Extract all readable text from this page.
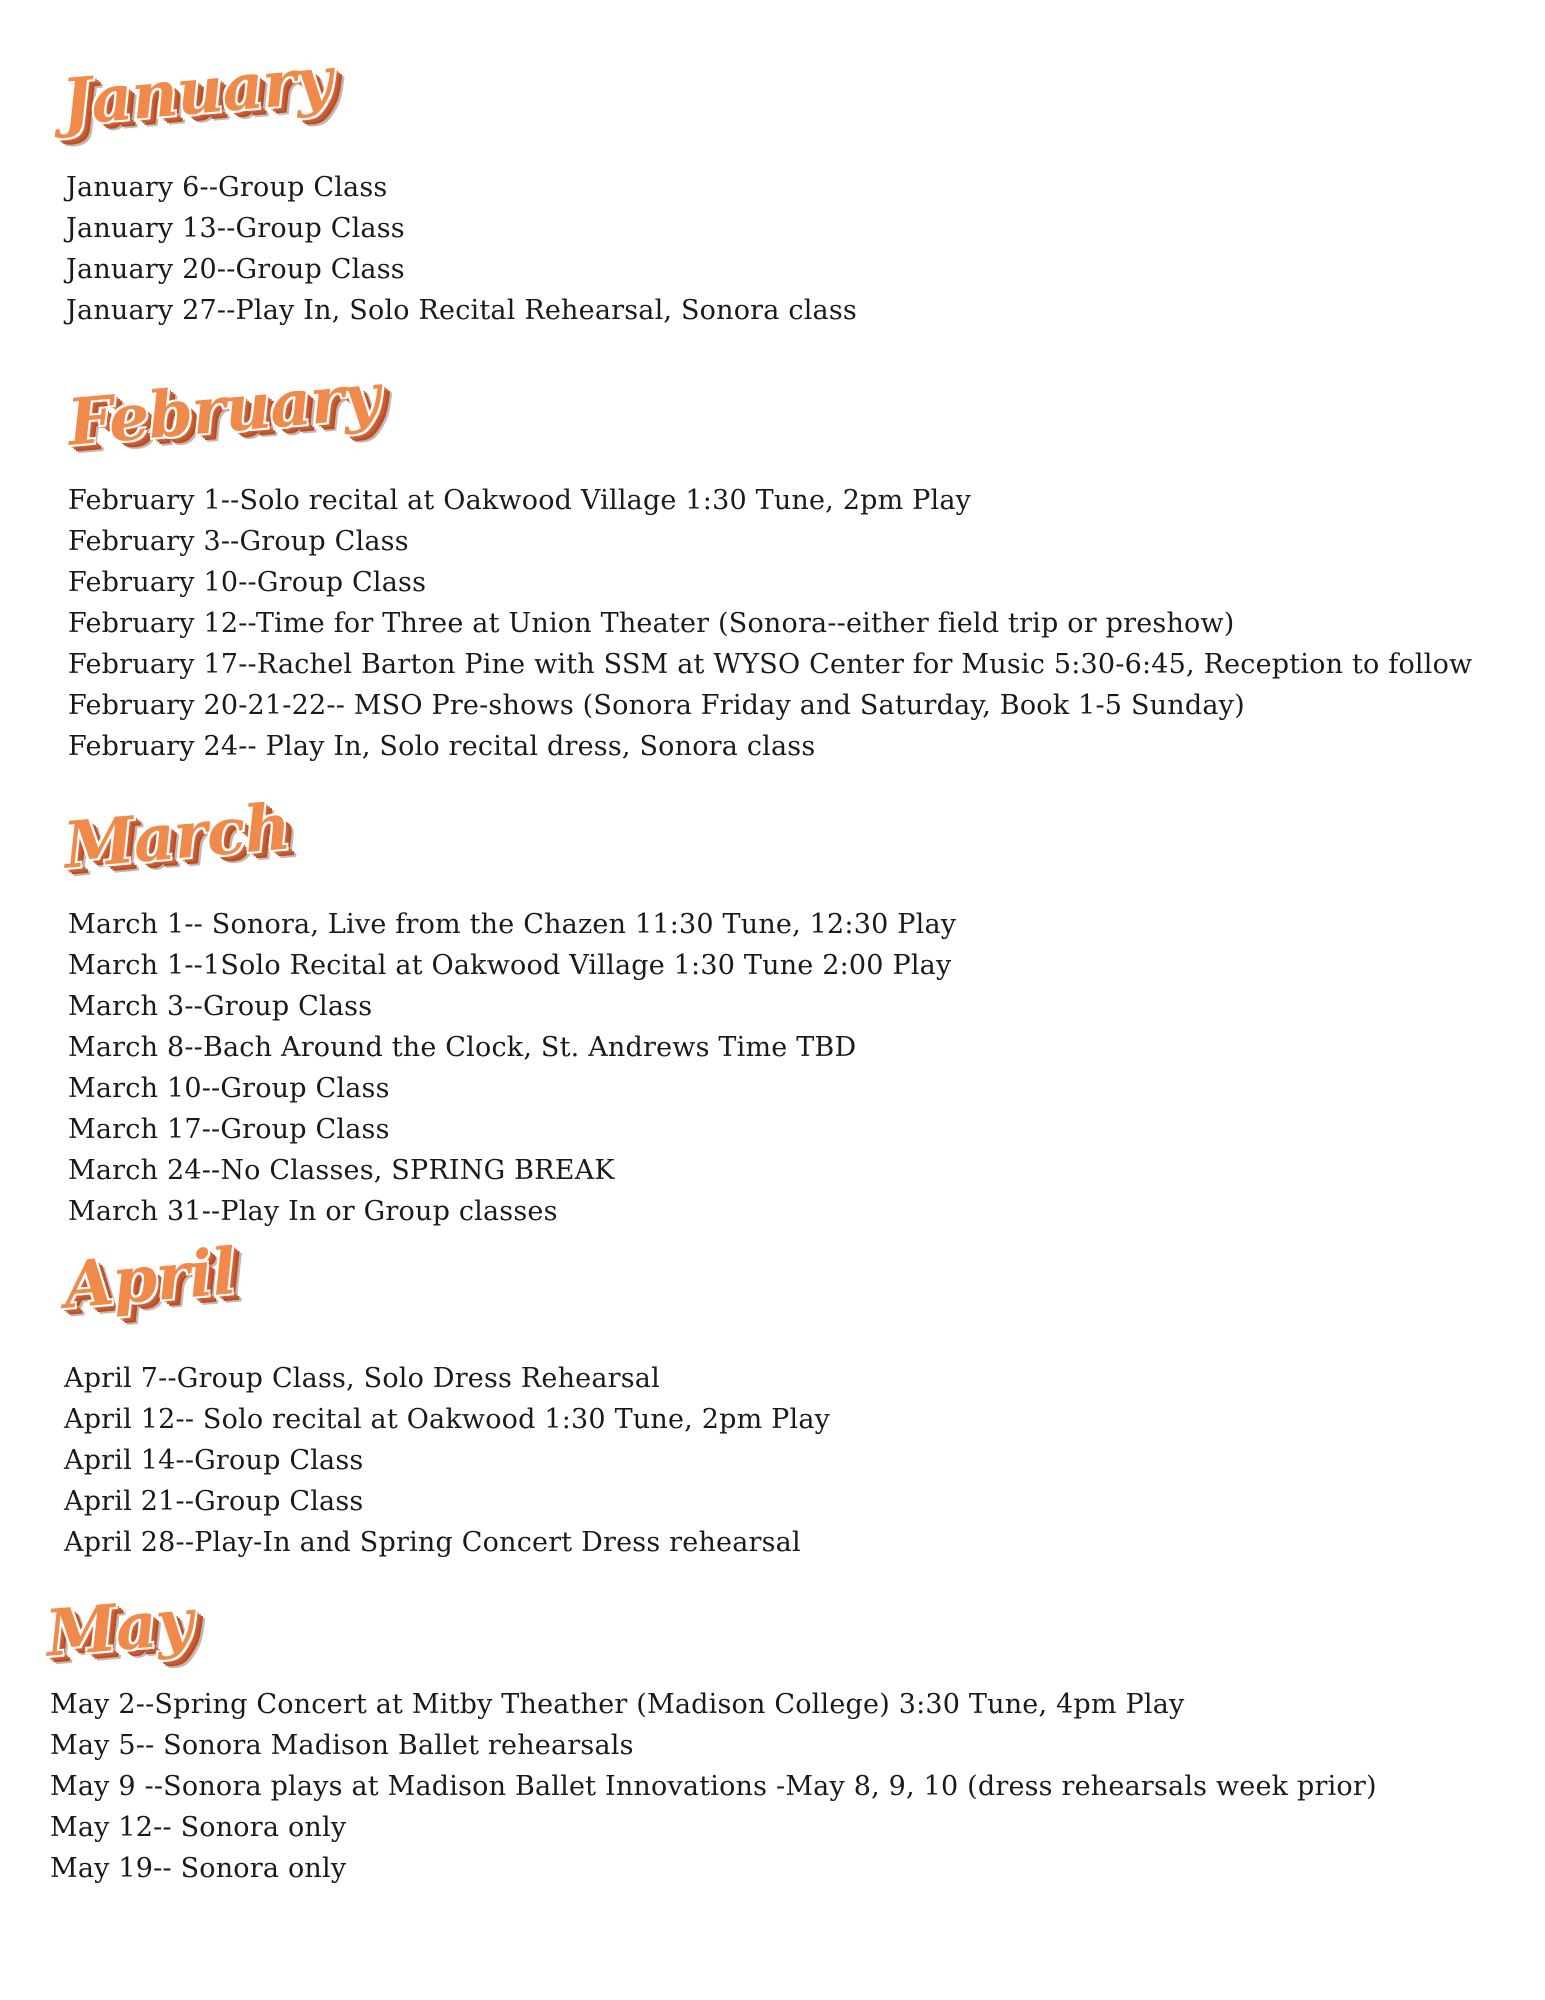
January
January 6--Group Class
January 13--Group Class
January 20--Group Class
January 27--Play In, Solo Recital Rehearsal, Sonora class
February
February 1--Solo recital at Oakwood Village 1:30 Tune, 2pm Play
February 3--Group Class
February 10--Group Class
February 12--Time for Three at Union Theater (Sonora--either field trip or preshow)
February 17--Rachel Barton Pine with SSM at WYSO Center for Music 5:30-6:45, Reception to follow
February 20-21-22-- MSO Pre-shows (Sonora Friday and Saturday, Book 1-5 Sunday)
February 24-- Play In, Solo recital dress, Sonora class
March
March 1-- Sonora, Live from the Chazen 11:30 Tune, 12:30 Play
March 1--1Solo Recital at Oakwood Village 1:30 Tune 2:00 Play
March 3--Group Class
March 8--Bach Around the Clock, St. Andrews Time TBD
March 10--Group Class
March 17--Group Class
March 24--No Classes, SPRING BREAK
March 31--Play In or Group classes
April
April 7--Group Class, Solo Dress Rehearsal
April 12-- Solo recital at Oakwood 1:30 Tune, 2pm Play
April 14--Group Class
April 21--Group Class
April 28--Play-In and Spring Concert Dress rehearsal
May
May 2--Spring Concert at Mitby Theather (Madison College) 3:30 Tune, 4pm Play
May 5-- Sonora Madison Ballet rehearsals
May 9 --Sonora plays at Madison Ballet Innovations -May 8, 9, 10 (dress rehearsals week prior)
May 12-- Sonora only
May 19-- Sonora only
